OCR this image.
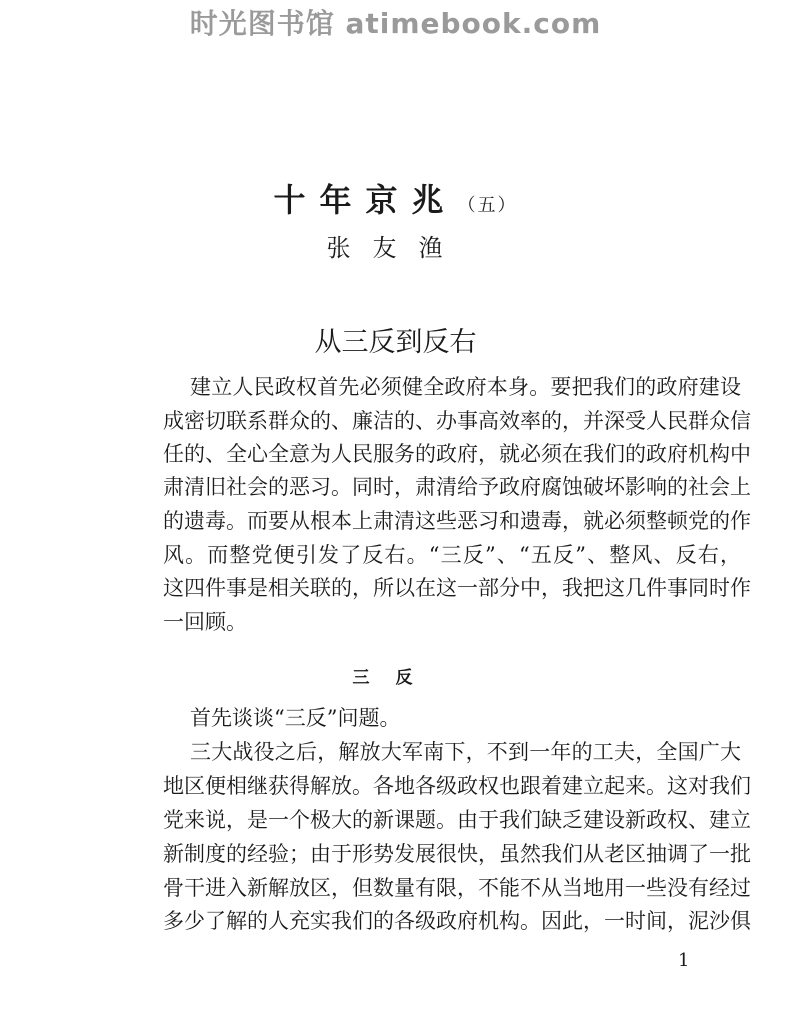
时光图书馆 atimebook.com
十年京兆（五）
张友渔
从三反到反右
建立人民政权首先必须健全政府本身。要把我们的政府建设
成密切联系群众的、廉洁的、办事高效率的，并深受人民群众信
任的、全心全意为人民服务的政府，就必须在我们的政府机构中
肃清旧社会的恶习。同时，肃清给予政府腐蚀破坏影响的社会上
的遗毒。而要从根本上肃清这些恶习和遗毒，就必须整顿党的作
风。而整党便引发了反右。“三反”、“五反”、整风、反右，
这四件事是相关联的，所以在这一部分中，我把这几件事同时作
一回顾。
三反
首先谈谈“三反”问题。
三大战役之后，解放大军南下，不到一年的工夫，全国广大
地区便相继获得解放。各地各级政权也跟着建立起来。这对我们
党来说，是一个极大的新课题。由于我们缺乏建设新政权、建立
新制度的经验；由于形势发展很快，虽然我们从老区抽调了一批
骨干进入新解放区，但数量有限，不能不从当地用一些没有经过
多少了解的人充实我们的各级政府机构。因此，一时间，泥沙俱
1
